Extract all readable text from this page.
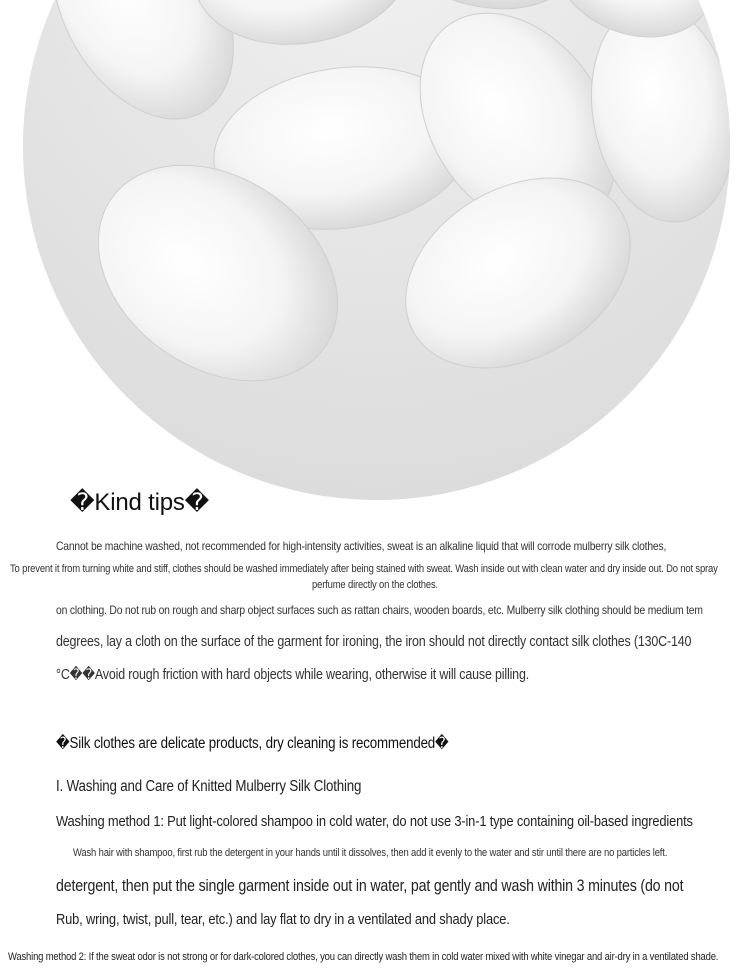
�Kind tips�
Cannot be machine washed, not recommended for high-intensity activities, sweat is an alkaline liquid that will corrode mulberry silk clothes,
To prevent it from turning white and stiff, clothes should be washed immediately after being stained with sweat. Wash inside out with clean water and dry inside out. Do not spray
perfume directly on the clothes.
on clothing. Do not rub on rough and sharp object surfaces such as rattan chairs, wooden boards, etc. Mulberry silk clothing should be medium tem
degrees, lay a cloth on the surface of the garment for ironing, the iron should not directly contact silk clothes (130C-140
°C��Avoid rough friction with hard objects while wearing, otherwise it will cause pilling.
�Silk clothes are delicate products, dry cleaning is recommended�
I. Washing and Care of Knitted Mulberry Silk Clothing
Washing method 1: Put light-colored shampoo in cold water, do not use 3-in-1 type containing oil-based ingredients
Wash hair with shampoo, first rub the detergent in your hands until it dissolves, then add it evenly to the water and stir until there are no particles left.
detergent, then put the single garment inside out in water, pat gently and wash within 3 minutes (do not
Rub, wring, twist, pull, tear, etc.) and lay flat to dry in a ventilated and shady place.
Washing method 2: If the sweat odor is not strong or for dark-colored clothes, you can directly wash them in cold water mixed with white vinegar and air-dry in a ventilated shade.
